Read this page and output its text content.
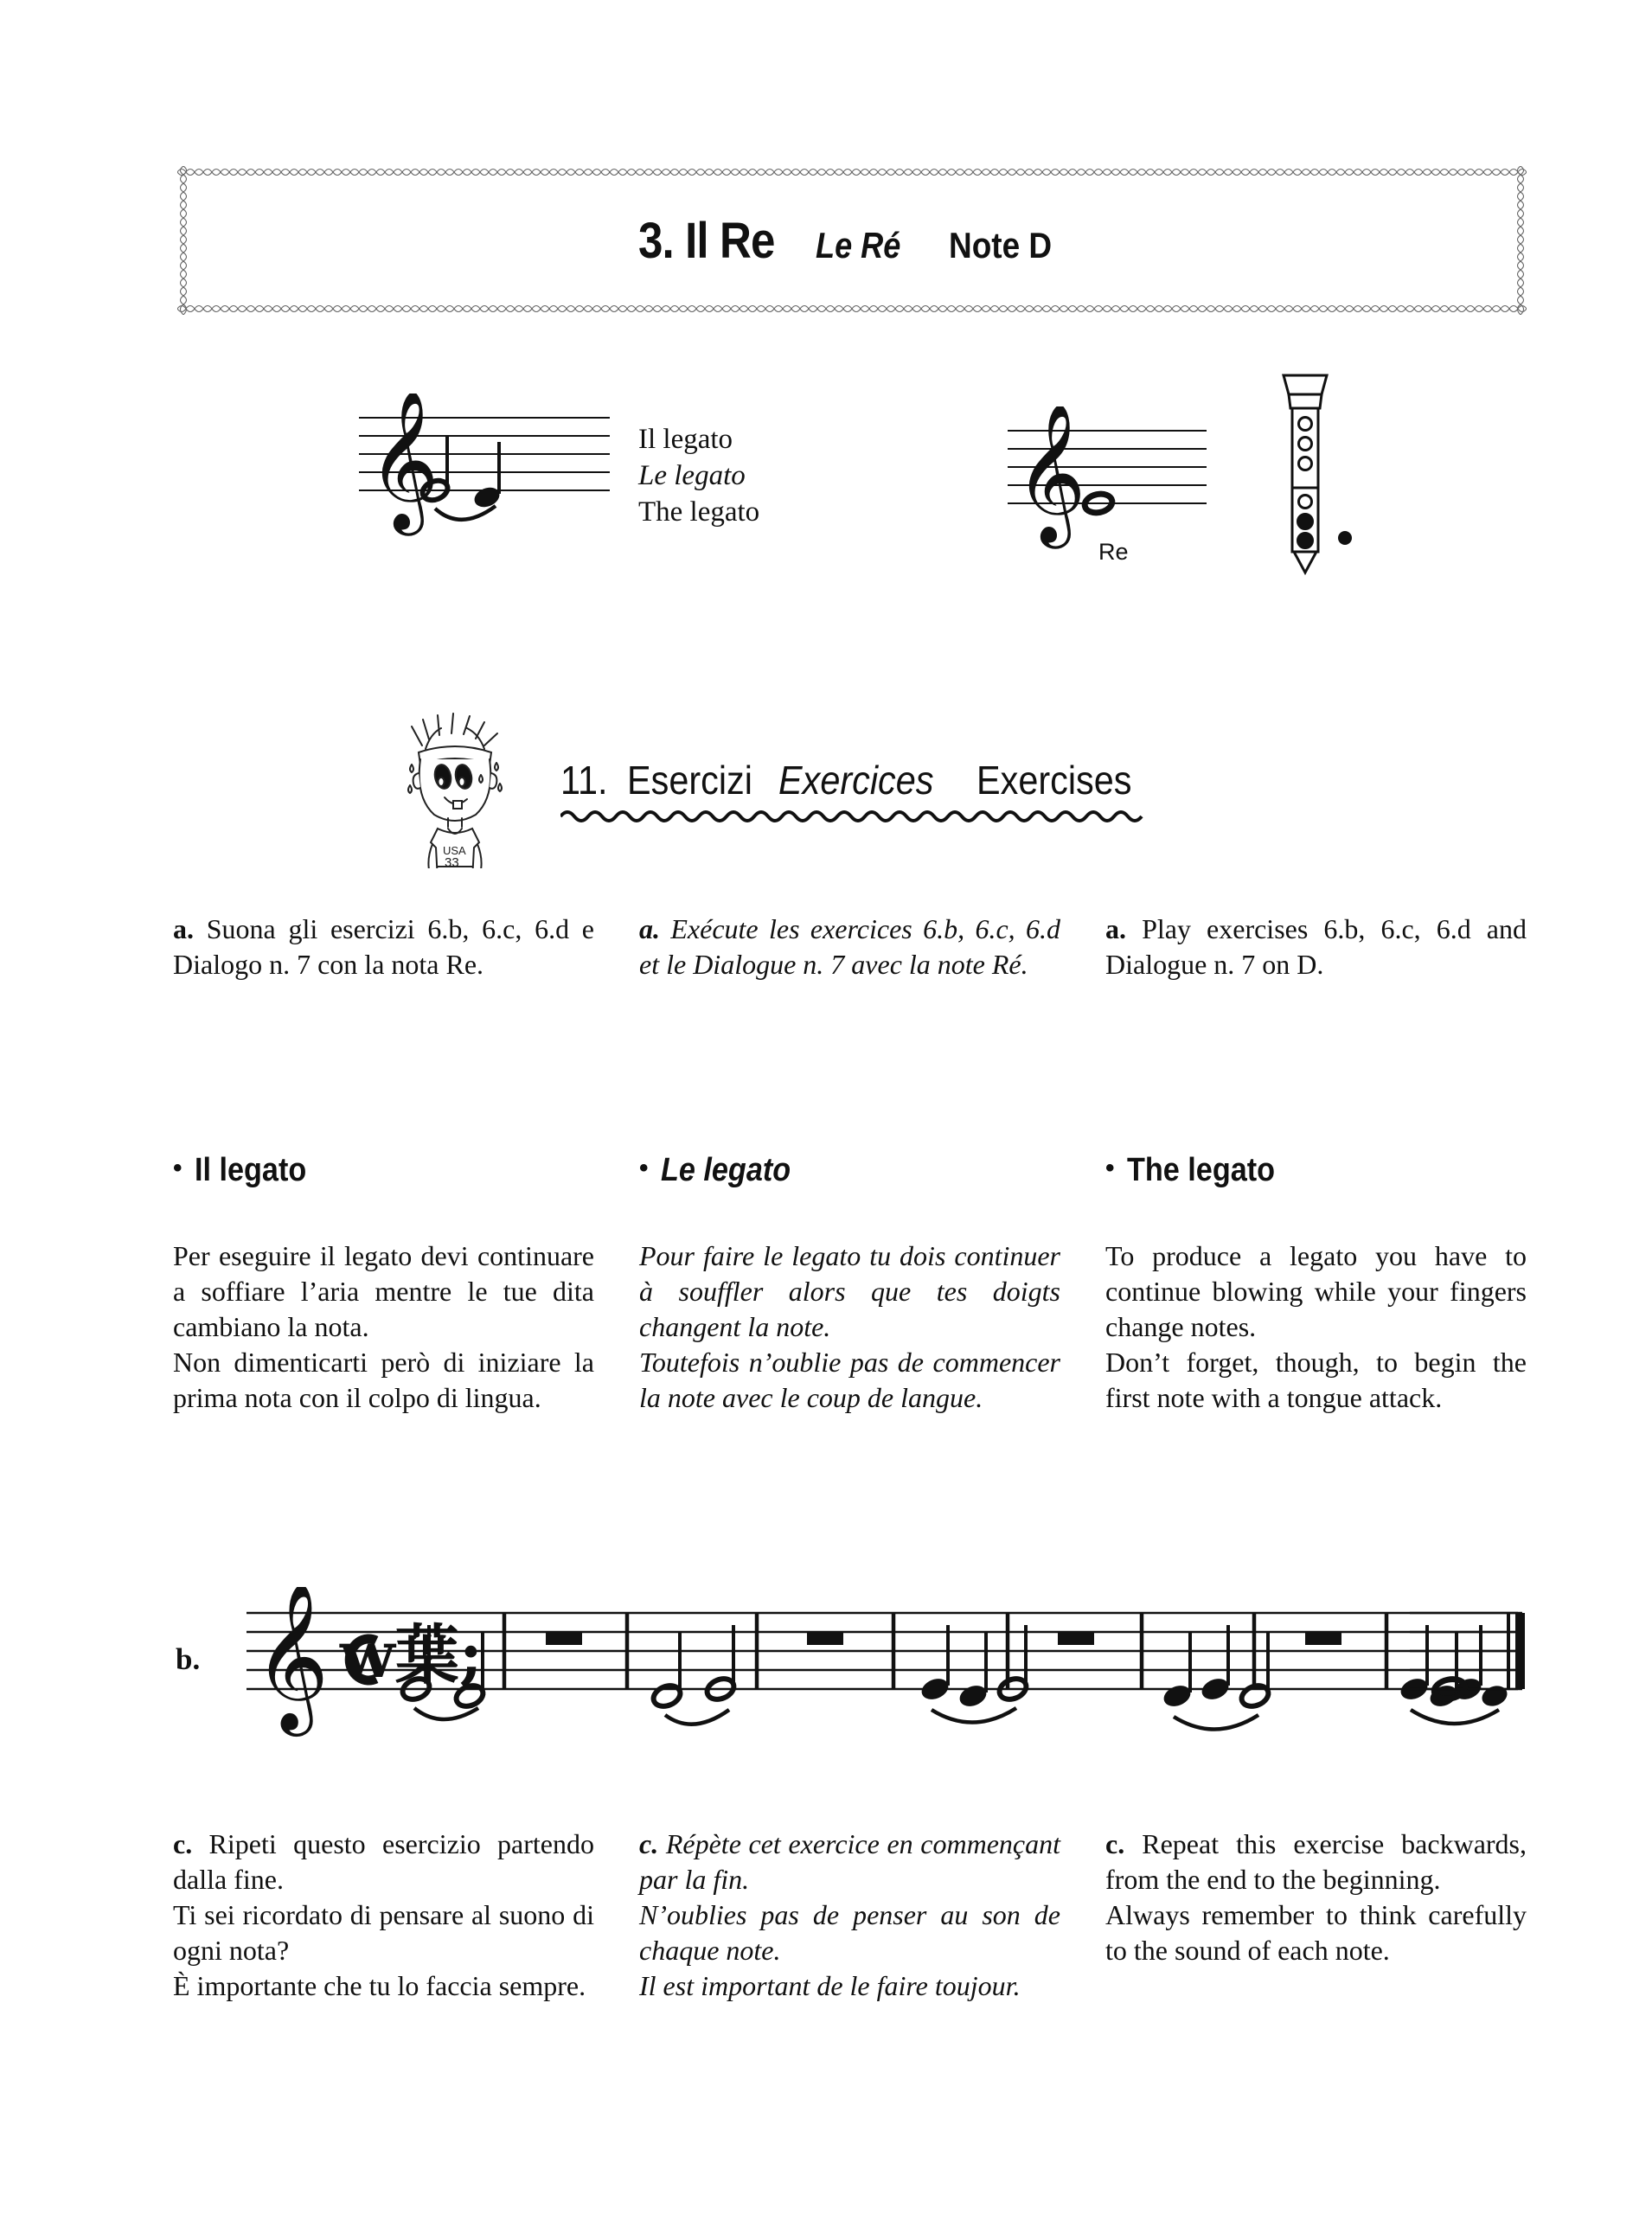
3. Il Re Le Ré Note D
𝄞	Il legato
Le legato
The legato 𝄞
Re
USA
33
11. Esercizi Exercices Exercises

a. Suona gli esercizi 6.b, 6.c, 6.d e Dialogo n. 7 con la nota Re.

a. Exécute les exercices 6.b, 6.c, 6.d et le Dialogue n. 7 avec la note Ré.

a. Play exercises 6.b, 6.c, 6.d and Dialogue n. 7 on D.

• Il legato	• Le legato	• The legato

Per eseguire il legato devi continuare a soffiare l’aria mentre le tue dita cambiano la nota.
Non dimenticarti però di iniziare la prima nota con il colpo di lingua.

Pour faire le legato tu dois continuer à souffler alors que tes doigts changent la note.
Toutefois n’oublie pas de commencer la note avec le coup de langue.

To produce a legato you have to continue blowing while your fingers change notes.
Don’t forget, though, to begin the first note with a tongue attack.

b. 𝄞 w葉;

c. Ripeti questo esercizio partendo dalla fine.
Ti sei ricordato di pensare al suono di ogni nota?
È importante che tu lo faccia sempre.

c. Répète cet exercice en commençant par la fin.
N’oublies pas de penser au son de chaque note.
Il est important de le faire toujour.

c. Repeat this exercise backwards, from the end to the beginning.
Always remember to think carefully to the sound of each note.
